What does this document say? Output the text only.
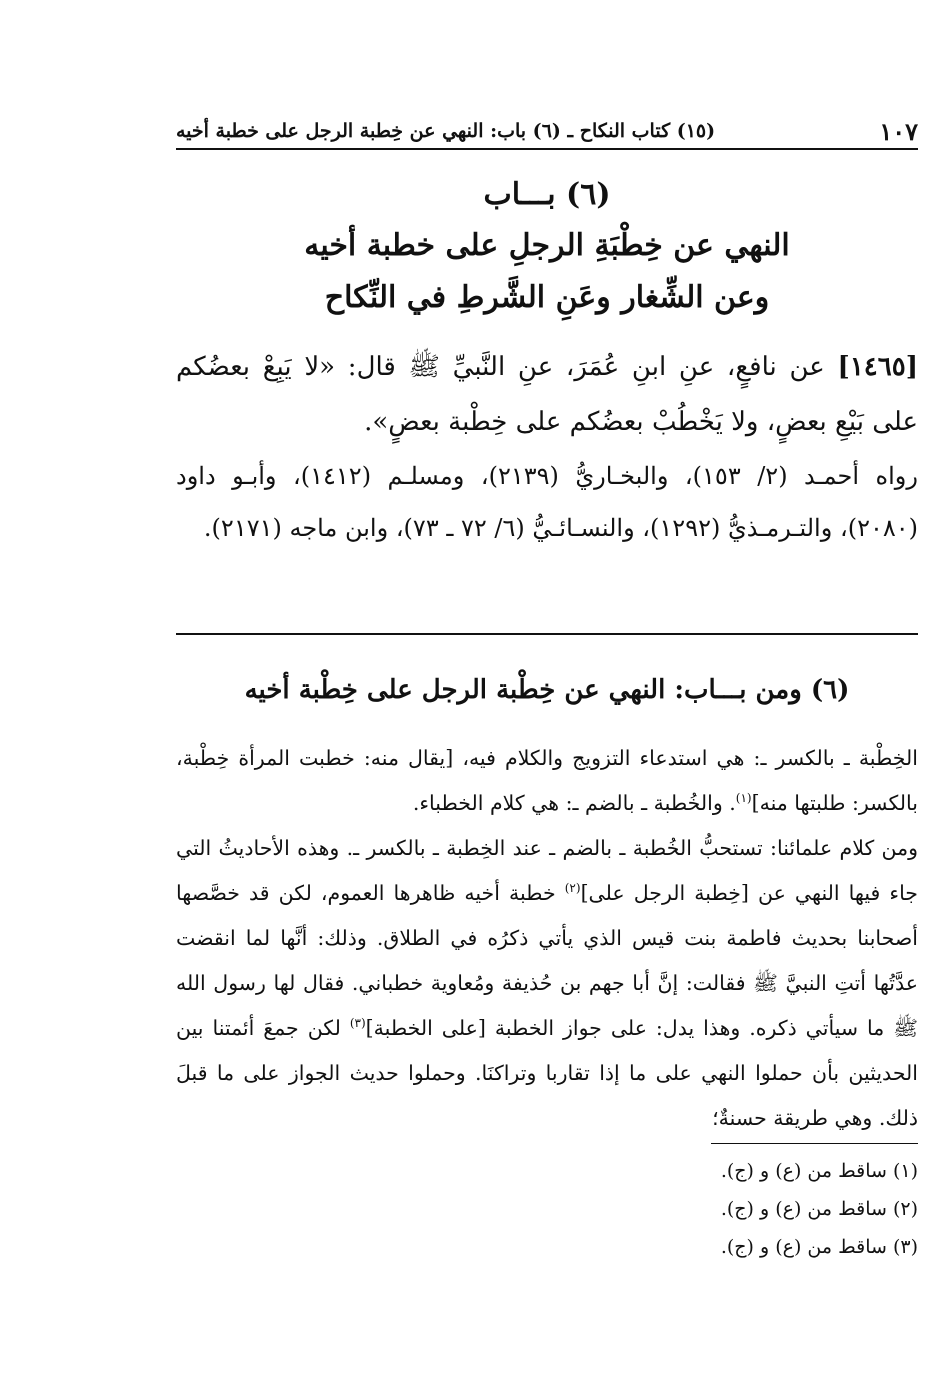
(١٥) كتاب النكاح ـ (٦) باب: النهي عن خِطبة الرجل على خطبة أخيه	١٠٧
(٦) بـــاب
النهي عن خِطْبَةِ الرجلِ على خطبة أخيه
وعن الشِّغار وعَنِ الشَّرطِ في النِّكاح
[١٤٦٥] عن نافعٍ، عنِ ابنِ عُمَرَ، عنِ النَّبيِّ ﷺ قال: «لا يَبِعْ بعضُكم على بَيْعِ بعضٍ، ولا يَخْطُبْ بعضُكم على خِطْبة بعضٍ».
رواه أحمـد (٢/ ١٥٣)، والبخـاريُّ (٢١٣٩)، ومسلـم (١٤١٢)، وأبـو داود (٢٠٨٠)، والتـرمـذيُّ (١٢٩٢)، والنسـائـيُّ (٦/ ٧٢ ـ ٧٣)، وابن ماجه (٢١٧١).
(٦) ومن بـــاب: النهي عن خِطْبة الرجل على خِطْبة أخيه
الخِطْبة ـ بالكسر ـ: هي استدعاء التزويج والكلام فيه، [يقال منه: خطبت المرأة خِطْبة، بالكسر: طلبتها منه]$^{(١)}$. والخُطبة ـ بالضم ـ: هي كلام الخطباء.
ومن كلام علمائنا: تستحبُّ الخُطبة ـ بالضم ـ عند الخِطبة ـ بالكسر ـ. وهذه الأحاديثُ التي جاء فيها النهي عن [خِطبة الرجل على]$^{(٢)}$ خطبة أخيه ظاهرها العموم، لكن قد خصَّصها أصحابنا بحديث فاطمة بنت قيس الذي يأتي ذكرُه في الطلاق. وذلك: أنَّها لما انقضت عدَّتُها أتتِ النبيَّ ﷺ فقالت: إنَّ أبا جهم بن حُذيفة ومُعاوية خطباني. فقال لها رسول الله ﷺ ما سيأتي ذكره. وهذا يدل: على جواز الخطبة [على الخطبة]$^{(٣)}$ لكن جمعَ أئمتنا بين الحديثين بأن حملوا النهي على ما إذا تقاربا وتراكنَا. وحملوا حديث الجواز على ما قبلَ ذلك. وهي طريقة حسنةٌ؛
(١) ساقط من (ع) و (ج).
(٢) ساقط من (ع) و (ج).
(٣) ساقط من (ع) و (ج).
